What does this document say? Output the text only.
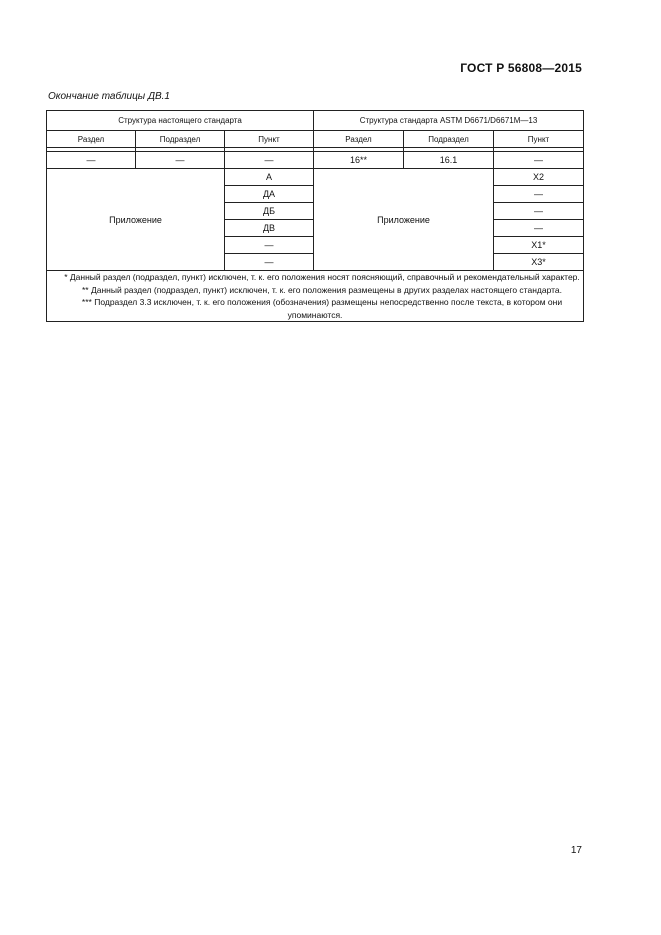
ГОСТ Р 56808—2015
Окончание таблицы ДВ.1
Структура настоящего стандарта			Структура стандарта ASTM D6671/D6671M—13		
Раздел	Подраздел	Пункт	Раздел	Подраздел	Пункт

—	—	—	16**	16.1	—
Приложение		А	Приложение		Х2
		ДА			—
		ДБ			—
		ДВ			—
		—			Х1*
		—			Х3*

* Данный раздел (подраздел, пункт) исключен, т. к. его положения носят поясняющий, справочный и рекомендательный характер.
** Данный раздел (подраздел, пункт) исключен, т. к. его положения размещены в других разделах настоящего стандарта.
*** Подраздел 3.3 исключен, т. к. его положения (обозначения) размещены непосредственно после текста, в котором они упоминаются.					
17
